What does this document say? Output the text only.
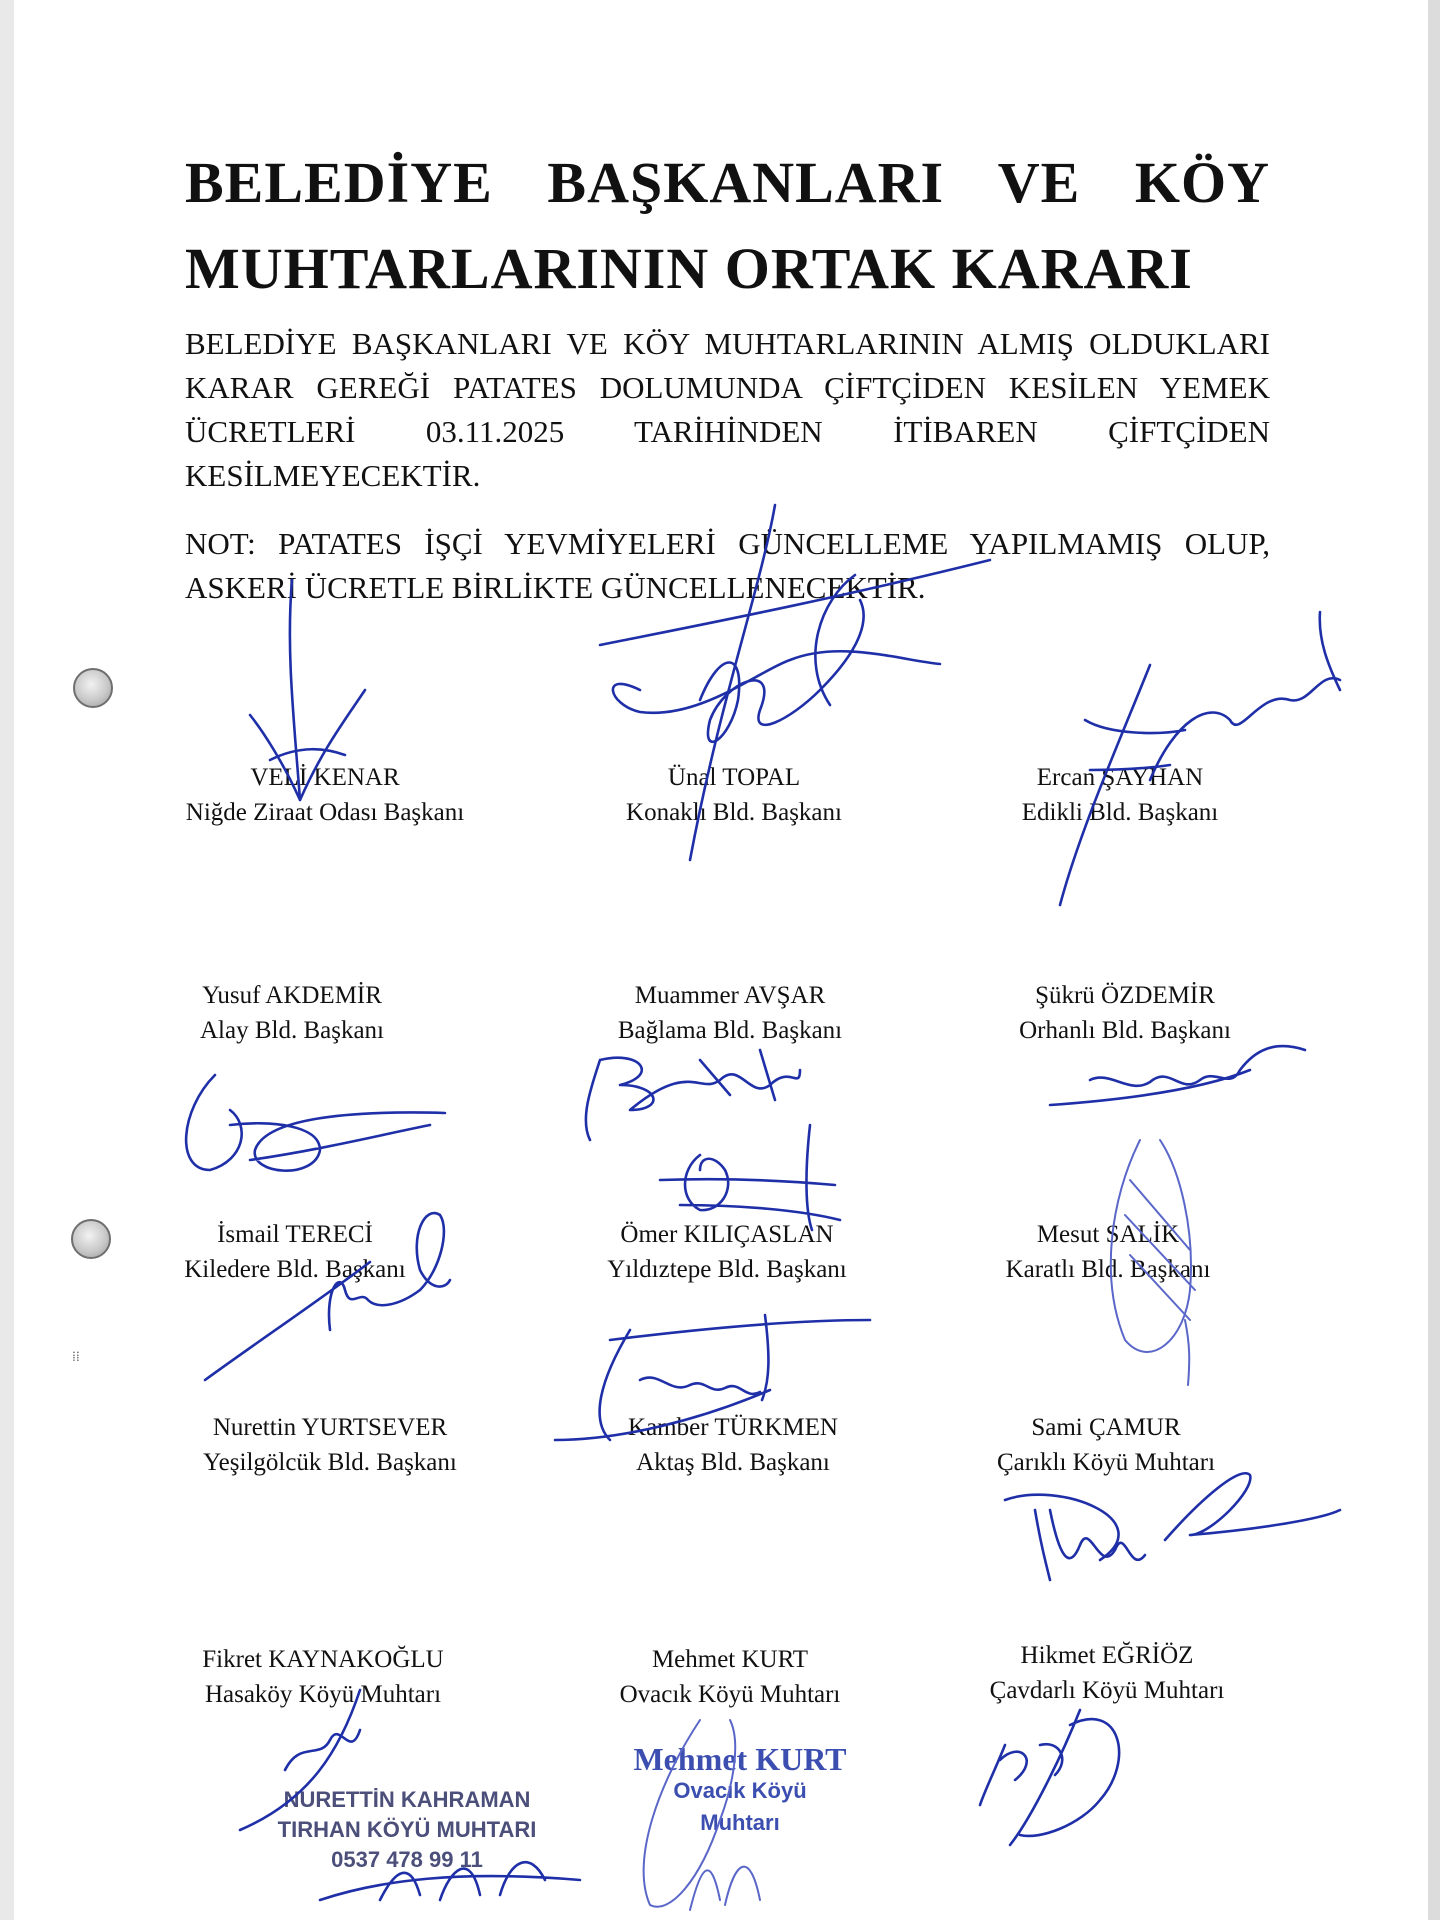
⁞⁞
BELEDİYE BAŞKANLARI VE KÖY
MUHTARLARININ ORTAK KARARI

BELEDİYE BAŞKANLARI VE KÖY MUHTARLARININ ALMIŞ OLDUKLARI KARAR GEREĞİ PATATES DOLUMUNDA ÇİFTÇİDEN KESİLEN YEMEK ÜCRETLERİ 03.11.2025 TARİHİNDEN İTİBAREN ÇİFTÇİDEN KESİLMEYECEKTİR.

NOT: PATATES İŞÇİ YEVMİYELERİ GÜNCELLEME YAPILMAMIŞ OLUP, ASKERİ ÜCRETLE BİRLİKTE GÜNCELLENECEKTİR.

VELİ KENAR
Niğde Ziraat Odası Başkanı
Ünal TOPAL
Konaklı Bld. Başkanı
Ercan ŞAYHAN
Edikli Bld. Başkanı
Yusuf AKDEMİR
Alay Bld. Başkanı
Muammer AVŞAR
Bağlama Bld. Başkanı
Şükrü ÖZDEMİR
Orhanlı Bld. Başkanı
İsmail TERECİ
Kiledere Bld. Başkanı
Ömer KILIÇASLAN
Yıldıztepe Bld. Başkanı
Mesut SALİK
Karatlı Bld. Başkanı
Nurettin YURTSEVER
Yeşilgölcük Bld. Başkanı
Kamber TÜRKMEN
Aktaş Bld. Başkanı
Sami ÇAMUR
Çarıklı Köyü Muhtarı
Fikret KAYNAKOĞLU
Hasaköy Köyü Muhtarı
Mehmet KURT
Ovacık Köyü Muhtarı
Hikmet EĞRİÖZ
Çavdarlı Köyü Muhtarı
NURETTİN KAHRAMAN
TIRHAN KÖYÜ MUHTARI
0537 478 99 11
Mehmet KURT
Ovacık Köyü
Muhtarı
